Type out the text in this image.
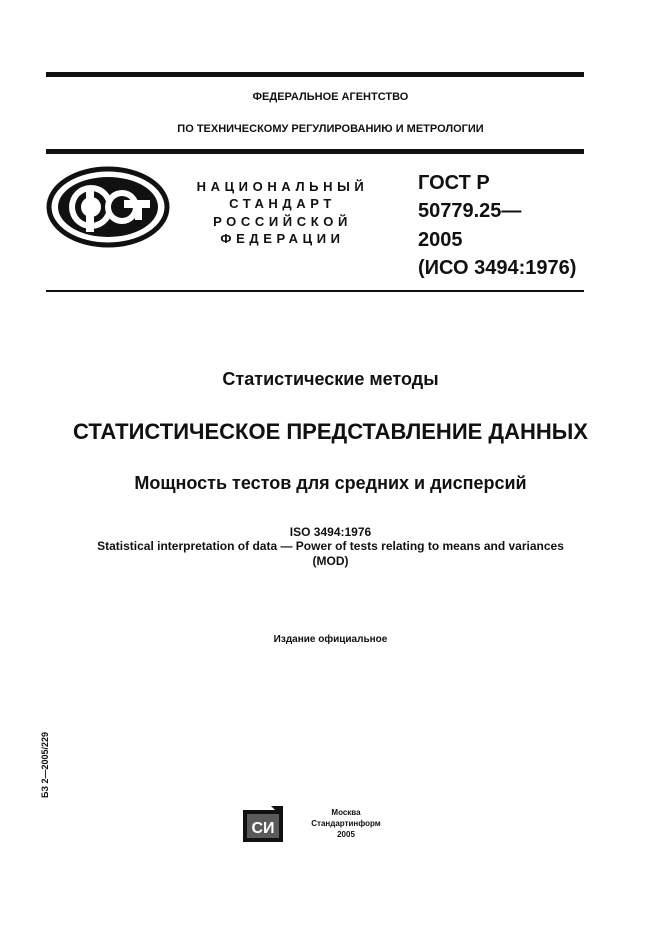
ФЕДЕРАЛЬНОЕ АГЕНТСТВО
ПО ТЕХНИЧЕСКОМУ РЕГУЛИРОВАНИЮ И МЕТРОЛОГИИ
НАЦИОНАЛЬНЫЙ
СТАНДАРТ
РОССИЙСКОЙ
ФЕДЕРАЦИИ
ГОСТ Р
50779.25—
2005
(ИСО 3494:1976)
Статистические методы
СТАТИСТИЧЕСКОЕ ПРЕДСТАВЛЕНИЕ ДАННЫХ
Мощность тестов для средних и дисперсий
ISO 3494:1976
Statistical interpretation of data — Power of tests relating to means and variances
(MOD)
Издание официальное
БЗ 2—2005/229
СИ
Москва
Стандартинформ
2005
